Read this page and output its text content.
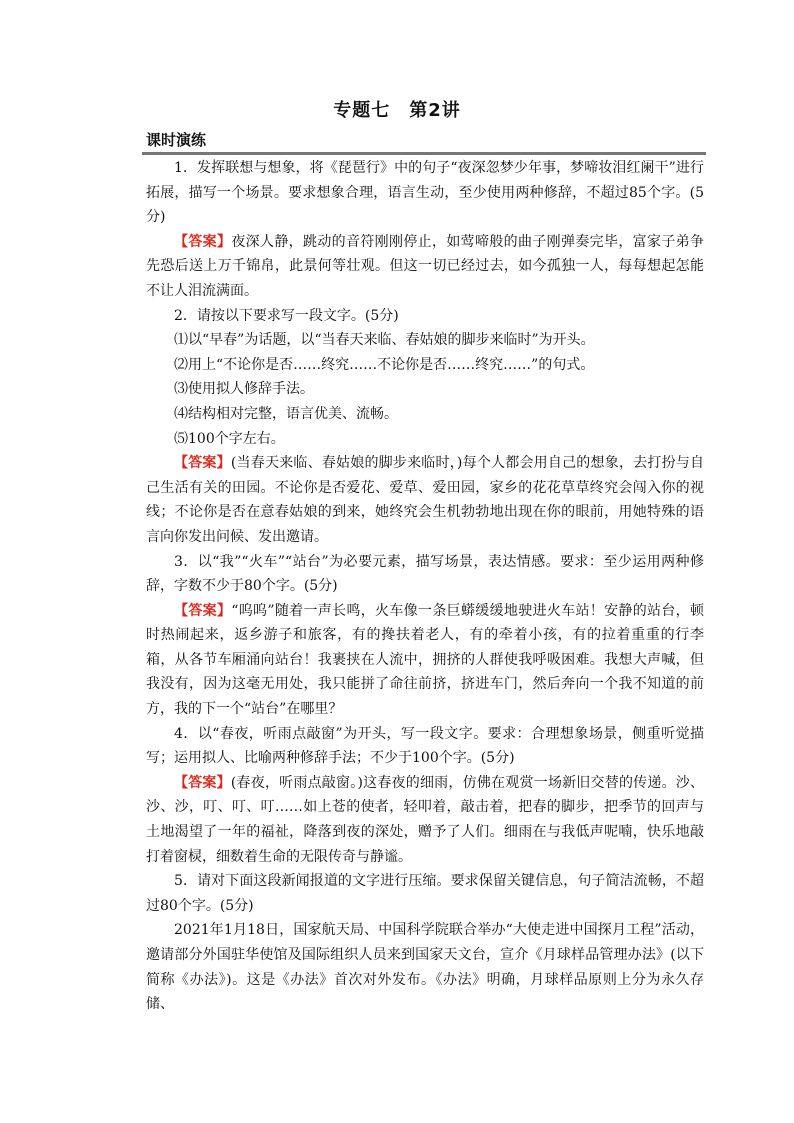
专题七　第2讲
课时演练

1．发挥联想与想象，将《琵琶行》中的句子“夜深忽梦少年事，梦啼妆泪红阑干”进行拓展，描写一个场景。要求想象合理，语言生动，至少使用两种修辞，不超过85个字。(5分)

【答案】夜深人静，跳动的音符刚刚停止，如莺啼般的曲子刚弹奏完毕，富家子弟争先恐后送上万千锦帛，此景何等壮观。但这一切已经过去，如今孤独一人，每每想起怎能不让人泪流满面。

2．请按以下要求写一段文字。(5分)

⑴以“早春”为话题，以“当春天来临、春姑娘的脚步来临时”为开头。

⑵用上“不论你是否……终究……不论你是否……终究……”的句式。

⑶使用拟人修辞手法。

⑷结构相对完整，语言优美、流畅。

⑸100个字左右。

【答案】(当春天来临、春姑娘的脚步来临时，)每个人都会用自己的想象，去打扮与自己生活有关的田园。不论你是否爱花、爱草、爱田园，家乡的花花草草终究会闯入你的视线；不论你是否在意春姑娘的到来，她终究会生机勃勃地出现在你的眼前，用她特殊的语言向你发出问候、发出邀请。

3．以“我”“火车”“站台”为必要元素，描写场景，表达情感。要求：至少运用两种修辞，字数不少于80个字。(5分)

【答案】“呜呜”随着一声长鸣，火车像一条巨蟒缓缓地驶进火车站！安静的站台，顿时热闹起来，返乡游子和旅客，有的搀扶着老人，有的牵着小孩，有的拉着重重的行李箱，从各节车厢涌向站台！我裹挟在人流中，拥挤的人群使我呼吸困难。我想大声喊，但我没有，因为这毫无用处，我只能拼了命往前挤，挤进车门，然后奔向一个我不知道的前方，我的下一个“站台”在哪里？

4．以“春夜，听雨点敲窗”为开头，写一段文字。要求：合理想象场景，侧重听觉描写；运用拟人、比喻两种修辞手法；不少于100个字。(5分)

【答案】(春夜，听雨点敲窗。)这春夜的细雨，仿佛在观赏一场新旧交替的传递。沙、沙、沙，叮、叮、叮……如上苍的使者，轻叩着，敲击着，把春的脚步，把季节的回声与土地渴望了一年的福祉，降落到夜的深处，赠予了人们。细雨在与我低声呢喃，快乐地敲打着窗棂，细数着生命的无限传奇与静谧。

5．请对下面这段新闻报道的文字进行压缩。要求保留关键信息，句子简洁流畅，不超过80个字。(5分)

2021年1月18日，国家航天局、中国科学院联合举办“大使走进中国探月工程”活动，邀请部分外国驻华使馆及国际组织人员来到国家天文台，宣介《月球样品管理办法》(以下简称《办法》)。这是《办法》首次对外发布。《办法》明确，月球样品原则上分为永久存储、
